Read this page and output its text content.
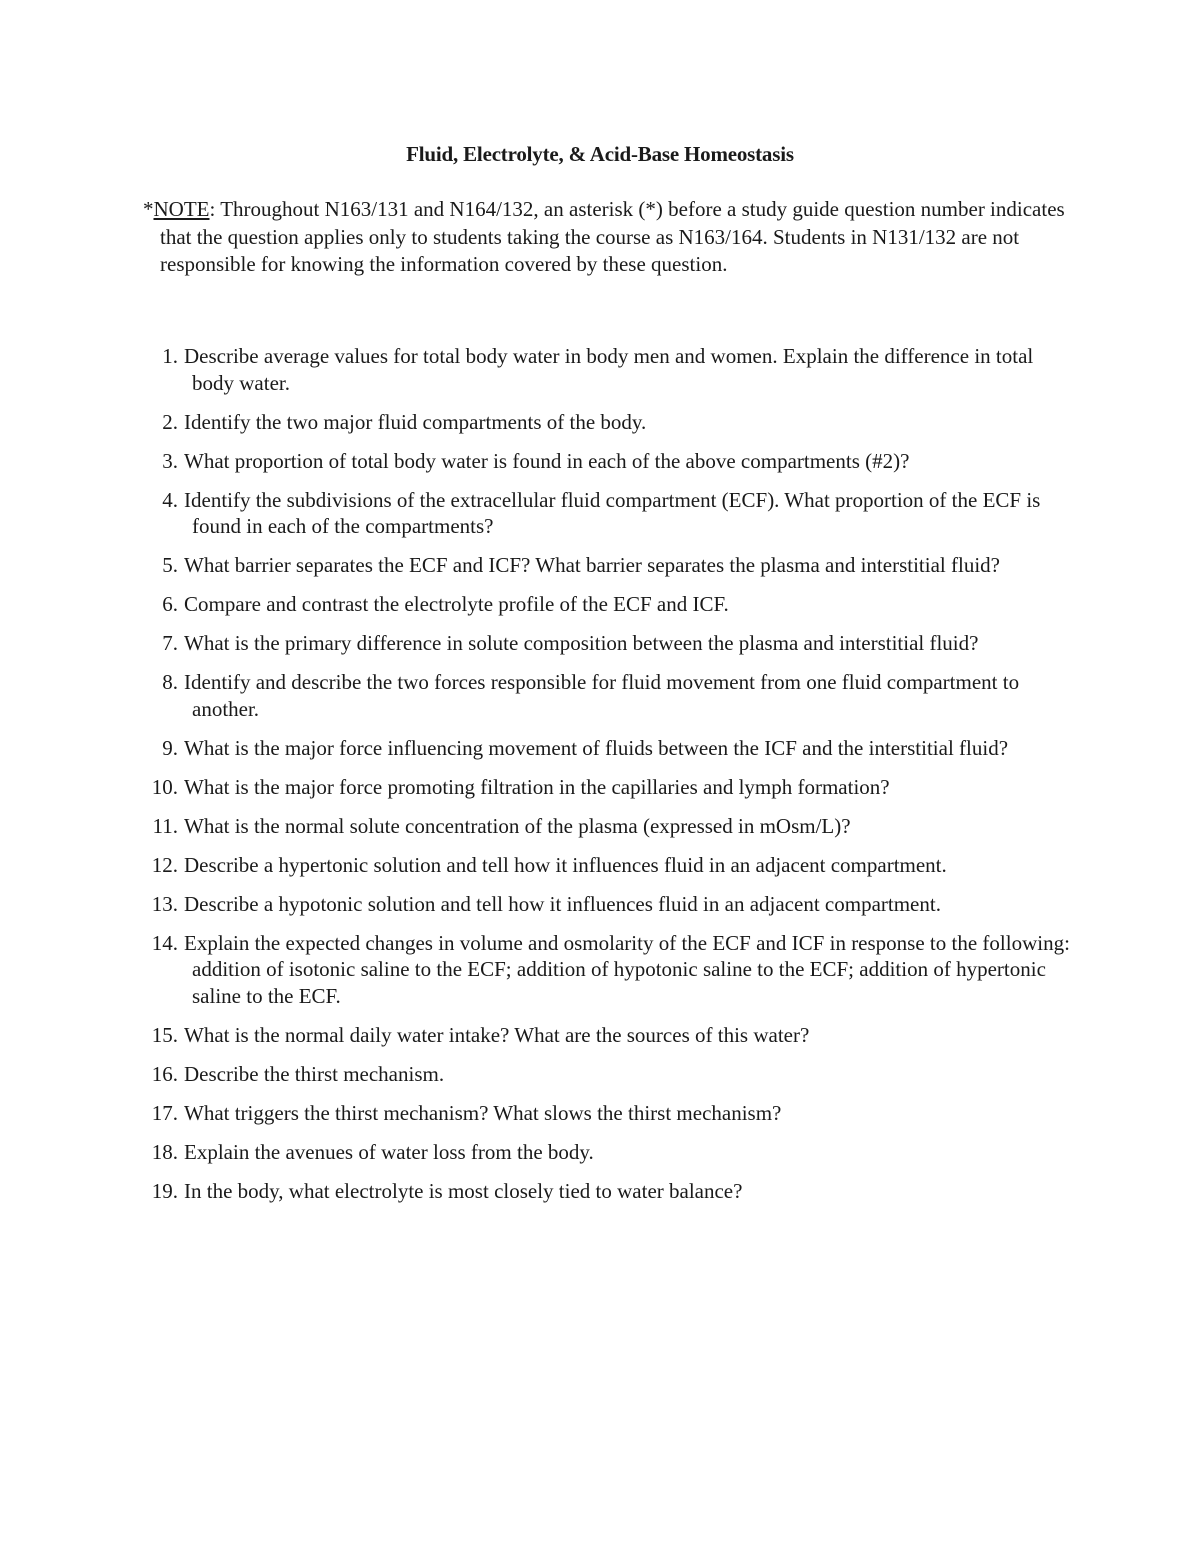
Fluid, Electrolyte, & Acid-Base Homeostasis
*NOTE: Throughout N163/131 and N164/132, an asterisk (*) before a study guide question number indicates that the question applies only to students taking the course as N163/164. Students in N131/132 are not responsible for knowing the information covered by these question.
1. Describe average values for total body water in body men and women. Explain the difference in total body water.
2. Identify the two major fluid compartments of the body.
3. What proportion of total body water is found in each of the above compartments (#2)?
4. Identify the subdivisions of the extracellular fluid compartment (ECF). What proportion of the ECF is found in each of the compartments?
5. What barrier separates the ECF and ICF? What barrier separates the plasma and interstitial fluid?
6. Compare and contrast the electrolyte profile of the ECF and ICF.
7. What is the primary difference in solute composition between the plasma and interstitial fluid?
8. Identify and describe the two forces responsible for fluid movement from one fluid compartment to another.
9. What is the major force influencing movement of fluids between the ICF and the interstitial fluid?
10. What is the major force promoting filtration in the capillaries and lymph formation?
11. What is the normal solute concentration of the plasma (expressed in mOsm/L)?
12. Describe a hypertonic solution and tell how it influences fluid in an adjacent compartment.
13. Describe a hypotonic solution and tell how it influences fluid in an adjacent compartment.
14. Explain the expected changes in volume and osmolarity of the ECF and ICF in response to the following: addition of isotonic saline to the ECF; addition of hypotonic saline to the ECF; addition of hypertonic saline to the ECF.
15. What is the normal daily water intake? What are the sources of this water?
16. Describe the thirst mechanism.
17. What triggers the thirst mechanism? What slows the thirst mechanism?
18. Explain the avenues of water loss from the body.
19. In the body, what electrolyte is most closely tied to water balance?
